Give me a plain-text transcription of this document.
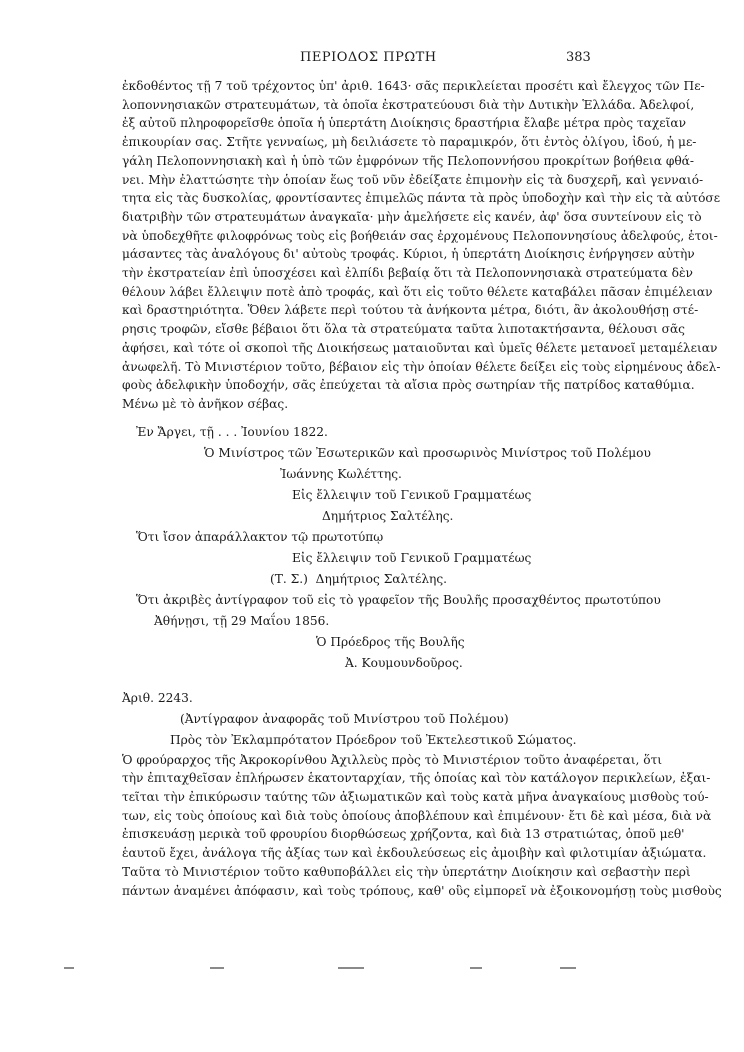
ΠΕΡΙΟΔΟΣ ΠΡΩΤΗ	383
ἐκδοθέντος τῇ 7 τοῦ τρέχοντος ὑπ' ἀριθ. 1643· σᾶς περικλείεται προσέτι καὶ ἔλεγχος τῶν Πε-
λοποννησιακῶν στρατευμάτων, τὰ ὁποῖα ἐκστρατεύουσι διὰ τὴν Δυτικὴν Ἑλλάδα. Ἀδελφοί,
ἐξ αὐτοῦ πληροφορεῖσθε ὁποῖα ἡ ὑπερτάτη Διοίκησις δραστήρια ἔλαβε μέτρα πρὸς ταχεῖαν
ἐπικουρίαν σας. Στῆτε γενναίως, μὴ δειλιάσετε τὸ παραμικρόν, ὅτι ἐντὸς ὀλίγου, ἰδού, ἡ με-
γάλη Πελοποννησιακὴ καὶ ἡ ὑπὸ τῶν ἐμφρόνων τῆς Πελοποννήσου προκρίτων βοήθεια φθά-
νει. Μὴν ἐλαττώσητε τὴν ὁποίαν ἕως τοῦ νῦν ἐδείξατε ἐπιμονὴν εἰς τὰ δυσχερῆ, καὶ γενναιό-
τητα εἰς τὰς δυσκολίας, φροντίσαντες ἐπιμελῶς πάντα τὰ πρὸς ὑποδοχὴν καὶ τὴν εἰς τὰ αὐτόσε
διατριβὴν τῶν στρατευμάτων ἀναγκαῖα· μὴν ἀμελήσετε εἰς κανέν, ἀφ' ὅσα συντείνουν εἰς τὸ
νὰ ὑποδεχθῆτε φιλοφρόνως τοὺς εἰς βοήθειάν σας ἐρχομένους Πελοποννησίους ἀδελφούς, ἑτοι-
μάσαντες τὰς ἀναλόγους δι' αὐτοὺς τροφάς. Κύριοι, ἡ ὑπερτάτη Διοίκησις ἐνήργησεν αὐτὴν
τὴν ἐκστρατείαν ἐπὶ ὑποσχέσει καὶ ἐλπίδι βεβαίᾳ ὅτι τὰ Πελοποννησιακὰ στρατεύματα δὲν
θέλουν λάβει ἔλλειψιν ποτὲ ἀπὸ τροφάς, καὶ ὅτι εἰς τοῦτο θέλετε καταβάλει πᾶσαν ἐπιμέλειαν
καὶ δραστηριότητα. Ὅθεν λάβετε περὶ τούτου τὰ ἀνήκοντα μέτρα, διότι, ἂν ἀκολουθήσῃ στέ-
ρησις τροφῶν, εἴσθε βέβαιοι ὅτι ὅλα τὰ στρατεύματα ταῦτα λιποτακτήσαντα, θέλουσι σᾶς
ἀφήσει, καὶ τότε οἱ σκοποὶ τῆς Διοικήσεως ματαιοῦνται καὶ ὑμεῖς θέλετε μετανοεῖ μεταμέλειαν
ἀνωφελῆ. Τὸ Μινιστέριον τοῦτο, βέβαιον εἰς τὴν ὁποίαν θέλετε δείξει εἰς τοὺς εἰρημένους ἀδελ-
φοὺς ἀδελφικὴν ὑποδοχήν, σᾶς ἐπεύχεται τὰ αἴσια πρὸς σωτηρίαν τῆς πατρίδος καταθύμια.
Μένω μὲ τὸ ἀνῆκον σέβας.
Ἐν Ἄργει, τῇ . . . Ἰουνίου 1822.
Ὁ Μινίστρος τῶν Ἐσωτερικῶν καὶ προσωρινὸς Μινίστρος τοῦ Πολέμου
Ἰωάννης Κωλέττης.
Εἰς ἔλλειψιν τοῦ Γενικοῦ Γραμματέως
Δημήτριος Σαλτέλης.
Ὅτι ἴσον ἀπαράλλακτον τῷ πρωτοτύπῳ
Εἰς ἔλλειψιν τοῦ Γενικοῦ Γραμματέως
(Τ. Σ.) Δημήτριος Σαλτέλης.
Ὅτι ἀκριβὲς ἀντίγραφον τοῦ εἰς τὸ γραφεῖον τῆς Βουλῆς προσαχθέντος πρωτοτύπου
Ἀθήνῃσι, τῇ 29 Μαΐου 1856.
Ὁ Πρόεδρος τῆς Βουλῆς
Ἀ. Κουμουνδοῦρος.
Ἀριθ. 2243.
(Ἀντίγραφον ἀναφορᾶς τοῦ Μινίστρου τοῦ Πολέμου)
Πρὸς τὸν Ἐκλαμπρότατον Πρόεδρον τοῦ Ἐκτελεστικοῦ Σώματος.
Ὁ φρούραρχος τῆς Ἀκροκορίνθου Ἀχιλλεὺς πρὸς τὸ Μινιστέριον τοῦτο ἀναφέρεται, ὅτι
τὴν ἐπιταχθεῖσαν ἐπλήρωσεν ἑκατονταρχίαν, τῆς ὁποίας καὶ τὸν κατάλογον περικλείων, ἐξαι-
τεῖται τὴν ἐπικύρωσιν ταύτης τῶν ἀξιωματικῶν καὶ τοὺς κατὰ μῆνα ἀναγκαίους μισθοὺς τού-
των, εἰς τοὺς ὁποίους καὶ διὰ τοὺς ὁποίους ἀποβλέπουν καὶ ἐπιμένουν· ἔτι δὲ καὶ μέσα, διὰ νὰ
ἐπισκευάσῃ μερικὰ τοῦ φρουρίου διορθώσεως χρήζοντα, καὶ διὰ 13 στρατιώτας, ὁποῦ μεθ'
ἑαυτοῦ ἔχει, ἀνάλογα τῆς ἀξίας των καὶ ἐκδουλεύσεως εἰς ἀμοιβὴν καὶ φιλοτιμίαν ἀξιώματα.
Ταῦτα τὸ Μινιστέριον τοῦτο καθυποβάλλει εἰς τὴν ὑπερτάτην Διοίκησιν καὶ σεβαστὴν περὶ
πάντων ἀναμένει ἀπόφασιν, καὶ τοὺς τρόπους, καθ' οὓς εἰμπορεῖ νὰ ἐξοικονομήσῃ τοὺς μισθοὺς
